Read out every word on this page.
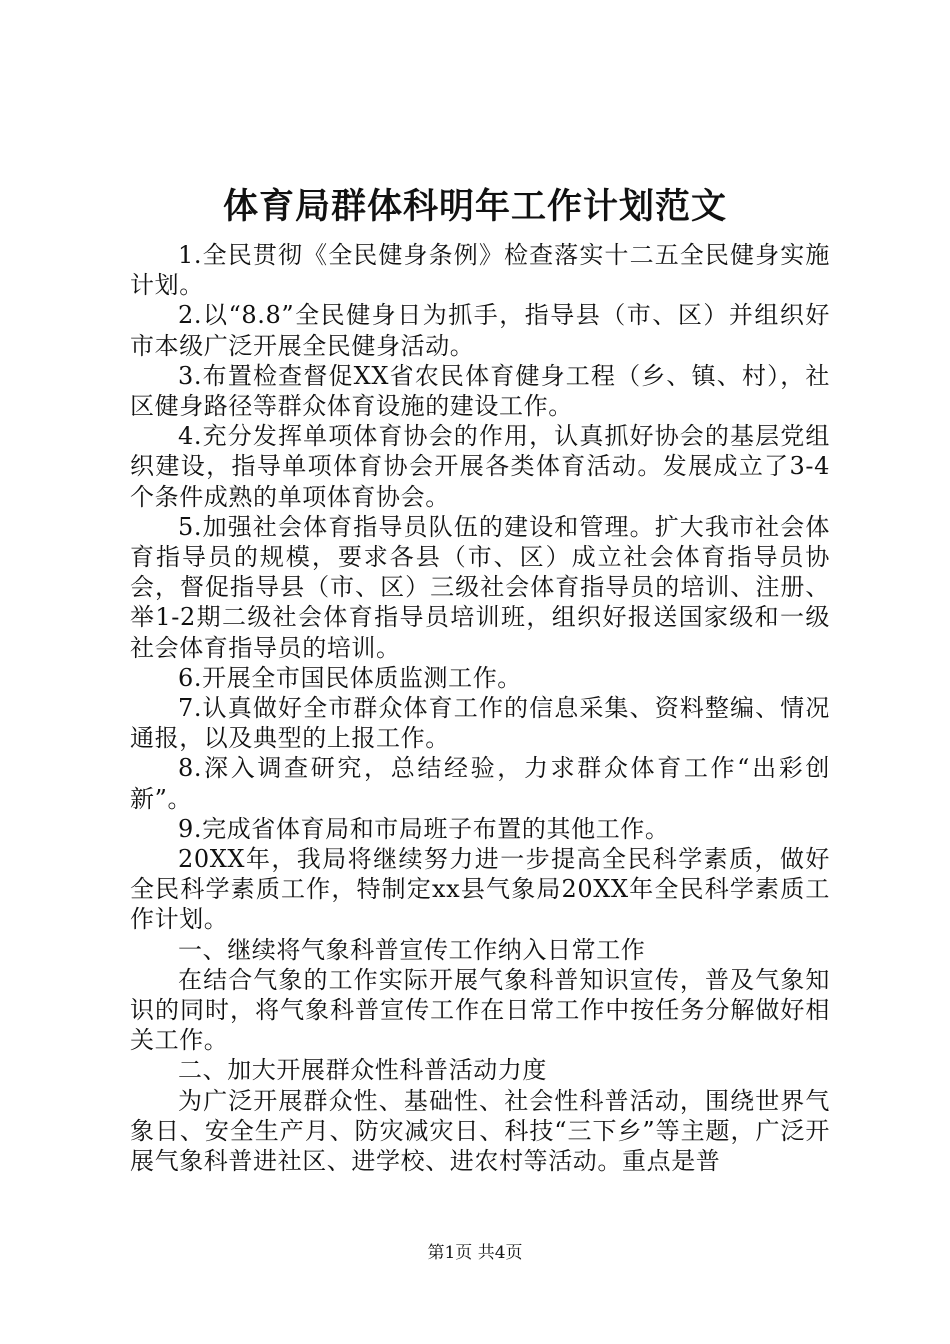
体育局群体科明年工作计划范文

1.全民贯彻《全民健身条例》检查落实十二五全民健身实施计划。

2.以“8.8”全民健身日为抓手，指导县（市、区）并组织好市本级广泛开展全民健身活动。

3.布置检查督促XX省农民体育健身工程（乡、镇、村），社区健身路径等群众体育设施的建设工作。

4.充分发挥单项体育协会的作用，认真抓好协会的基层党组织建设，指导单项体育协会开展各类体育活动。发展成立了3-4个条件成熟的单项体育协会。

5.加强社会体育指导员队伍的建设和管理。扩大我市社会体育指导员的规模，要求各县（市、区）成立社会体育指导员协会，督促指导县（市、区）三级社会体育指导员的培训、注册、举1-2期二级社会体育指导员培训班，组织好报送国家级和一级社会体育指导员的培训。

6.开展全市国民体质监测工作。

7.认真做好全市群众体育工作的信息采集、资料整编、情况通报，以及典型的上报工作。

8.深入调查研究，总结经验，力求群众体育工作“出彩创新”。

9.完成省体育局和市局班子布置的其他工作。

20XX年，我局将继续努力进一步提高全民科学素质，做好全民科学素质工作，特制定xx县气象局20XX年全民科学素质工作计划。

一、继续将气象科普宣传工作纳入日常工作

在结合气象的工作实际开展气象科普知识宣传，普及气象知识的同时，将气象科普宣传工作在日常工作中按任务分解做好相关工作。

二、加大开展群众性科普活动力度

为广泛开展群众性、基础性、社会性科普活动，围绕世界气象日、安全生产月、防灾减灾日、科技“三下乡”等主题，广泛开展气象科普进社区、进学校、进农村等活动。重点是普

第1页 共4页
